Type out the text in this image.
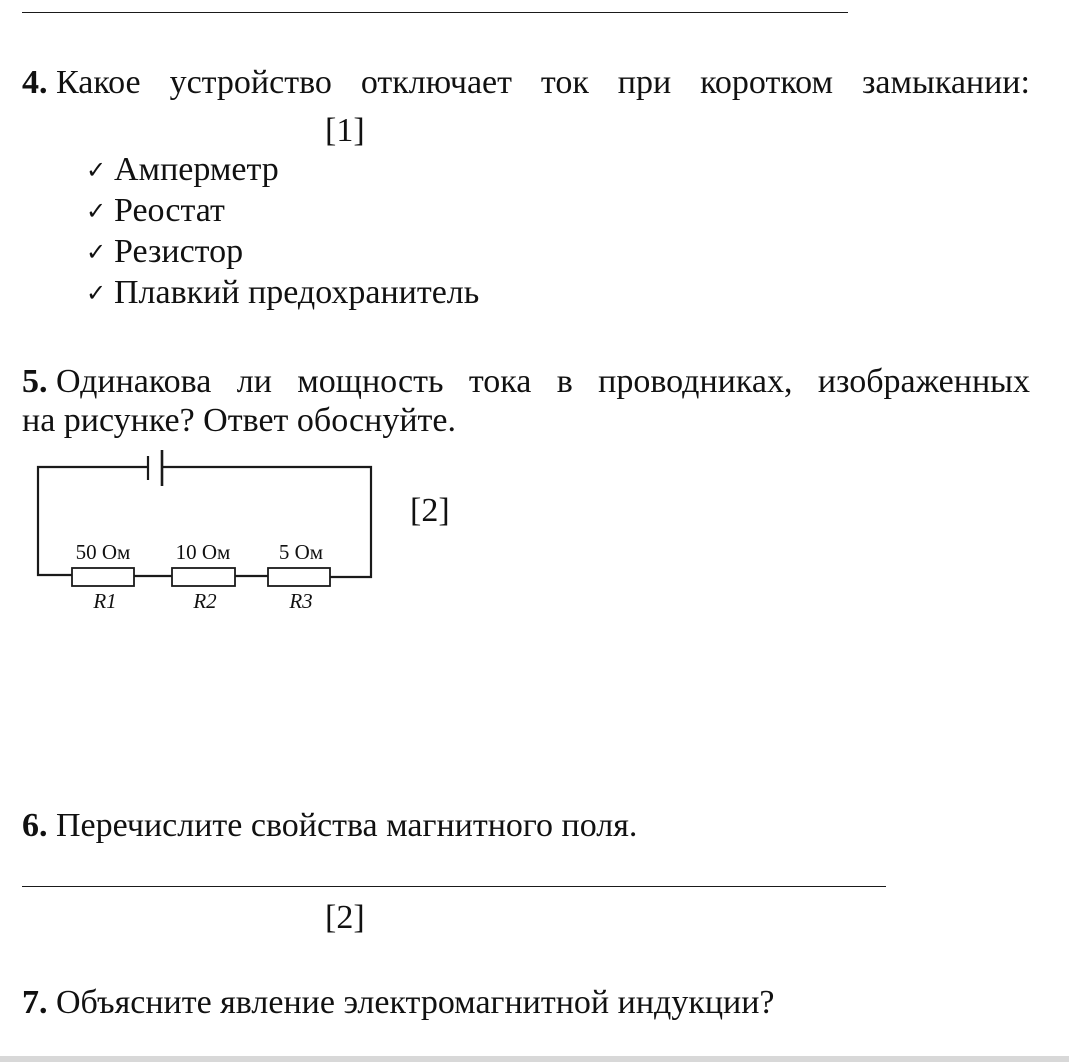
4. Какое устройство отключает ток при коротком замыкании:
[1]
✓ Амперметр
✓ Реостат
✓ Резистор
✓ Плавкий предохранитель
5. Одинакова ли мощность тока в проводниках, изображенных
на рисунке? Ответ обоснуйте.
50 Ом 10 Ом 5 Ом
R1	R2	R3
[2]
6. Перечислите свойства магнитного поля.
[2]
7. Объясните явление электромагнитной индукции?
